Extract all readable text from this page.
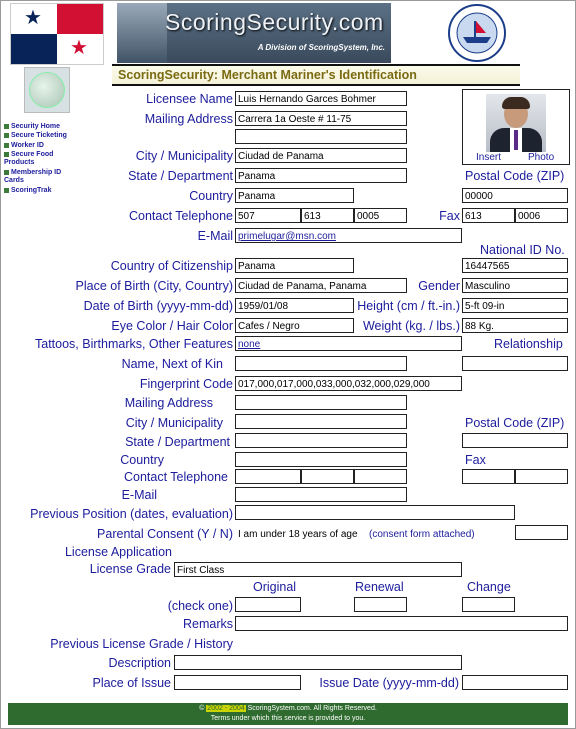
★
★
ScoringSecurity.com
A Division of ScoringSystem, Inc.
ScoringSecurity: Merchant Mariner's Identification
Security Home
Secure Ticketing
Worker ID
Secure Food Products
Membership ID Cards
ScoringTrak
Insert	Photo
Licensee Name Luis Hernando Garces Bohmer
Mailing Address Carrera 1a Oeste # 11-75
City / Municipality Ciudad de Panama
State / Department Panama	Postal Code (ZIP)
Country Panama	00000
Contact Telephone 507	613	0005	Fax 613	0006
E-Mail primelugar@msn.com
National ID No.
Country of Citizenship Panama	16447565
Place of Birth (City, Country) Ciudad de Panama, Panama	Gender Masculino
Date of Birth (yyyy-mm-dd) 1959/01/08	Height (cm / ft.-in.) 5-ft 09-in
Eye Color / Hair Color Cafes / Negro	Weight (kg. / lbs.) 88 Kg.
Tattoos, Birthmarks, Other Features none	Relationship
Name, Next of Kin
Fingerprint Code 017,000,017,000,033,000,032,000,029,000
Mailing Address
City / Municipality	Postal Code (ZIP)
State / Department
Country	Fax
Contact Telephone
E-Mail
Previous Position (dates, evaluation)
Parental Consent (Y / N) I am under 18 years of age (consent form attached)
License Application
License Grade First Class
Original	Renewal	Change
(check one)
Remarks
Previous License Grade / History
Description
Place of Issue	Issue Date (yyyy-mm-dd)
© 2002 - 2004 ScoringSystem.com. All Rights Reserved.
Terms under which this service is provided to you.
